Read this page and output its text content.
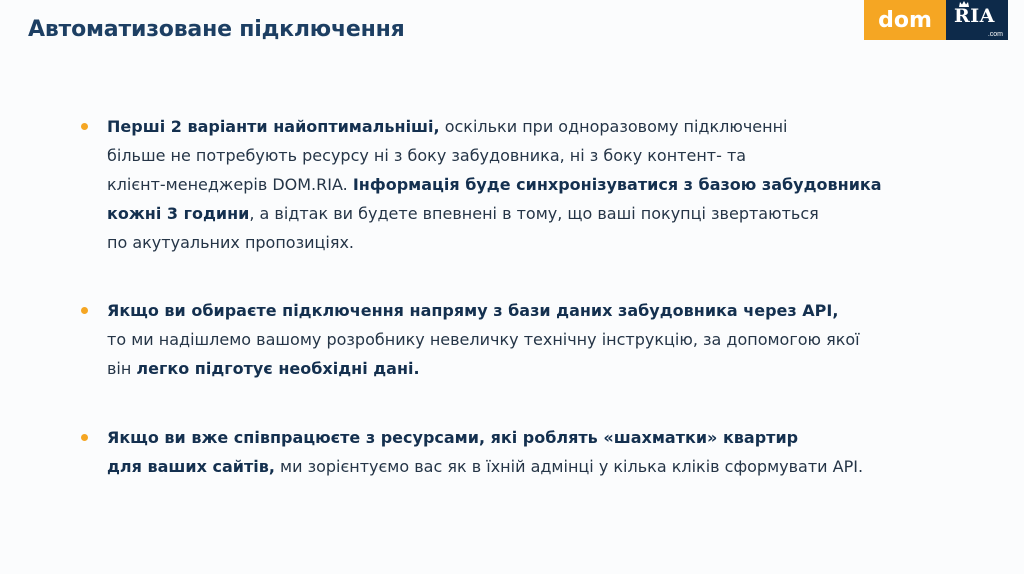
Автоматизоване підключення	dom	RIA
.com
Перші 2 варіанти найоптимальніші, оскільки при одноразовому підключенні
більше не потребують ресурсу ні з боку забудовника, ні з боку контент- та
клієнт-менеджерів DOM.RIA. Інформація буде синхронізуватися з базою забудовника
кожні 3 години, а відтак ви будете впевнені в тому, що ваші покупці звертаються
по акутуальних пропозиціях.
Якщо ви обираєте підключення напряму з бази даних забудовника через API,
то ми надішлемо вашому розробнику невеличку технічну інструкцію, за допомогою якої
він легко підготує необхідні дані.
Якщо ви вже співпрацюєте з ресурсами, які роблять «шахматки» квартир
для ваших сайтів, ми зорієнтуємо вас як в їхній адмінці у кілька кліків сформувати API.
